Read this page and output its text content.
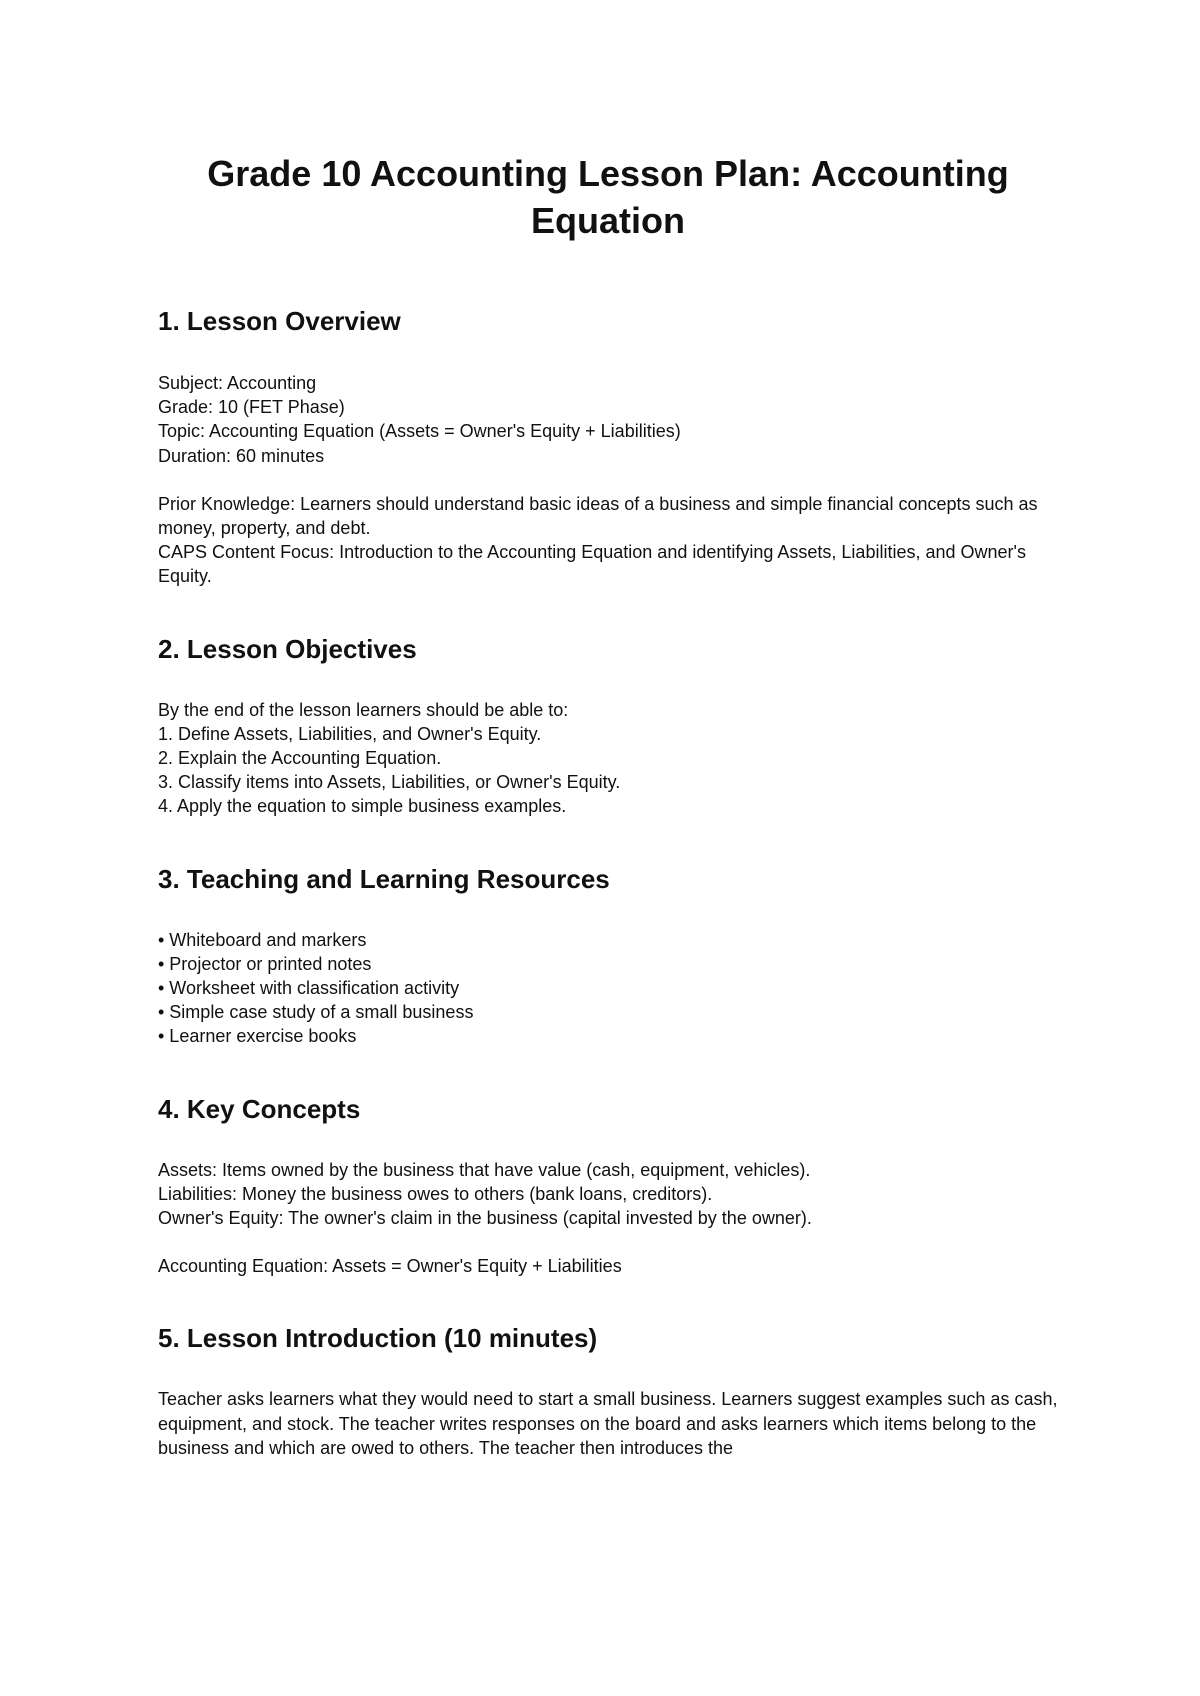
Grade 10 Accounting Lesson Plan: Accounting Equation
1. Lesson Overview
Subject: Accounting
Grade: 10 (FET Phase)
Topic: Accounting Equation (Assets = Owner's Equity + Liabilities)
Duration: 60 minutes
Prior Knowledge: Learners should understand basic ideas of a business and simple financial concepts such as money, property, and debt.
CAPS Content Focus: Introduction to the Accounting Equation and identifying Assets, Liabilities, and Owner's Equity.
2. Lesson Objectives
By the end of the lesson learners should be able to:
1. Define Assets, Liabilities, and Owner's Equity.
2. Explain the Accounting Equation.
3. Classify items into Assets, Liabilities, or Owner's Equity.
4. Apply the equation to simple business examples.
3. Teaching and Learning Resources
• Whiteboard and markers
• Projector or printed notes
• Worksheet with classification activity
• Simple case study of a small business
• Learner exercise books
4. Key Concepts
Assets: Items owned by the business that have value (cash, equipment, vehicles).
Liabilities: Money the business owes to others (bank loans, creditors).
Owner's Equity: The owner's claim in the business (capital invested by the owner).
Accounting Equation: Assets = Owner's Equity + Liabilities
5. Lesson Introduction (10 minutes)
Teacher asks learners what they would need to start a small business. Learners suggest examples such as cash, equipment, and stock. The teacher writes responses on the board and asks learners which items belong to the business and which are owed to others. The teacher then introduces the
